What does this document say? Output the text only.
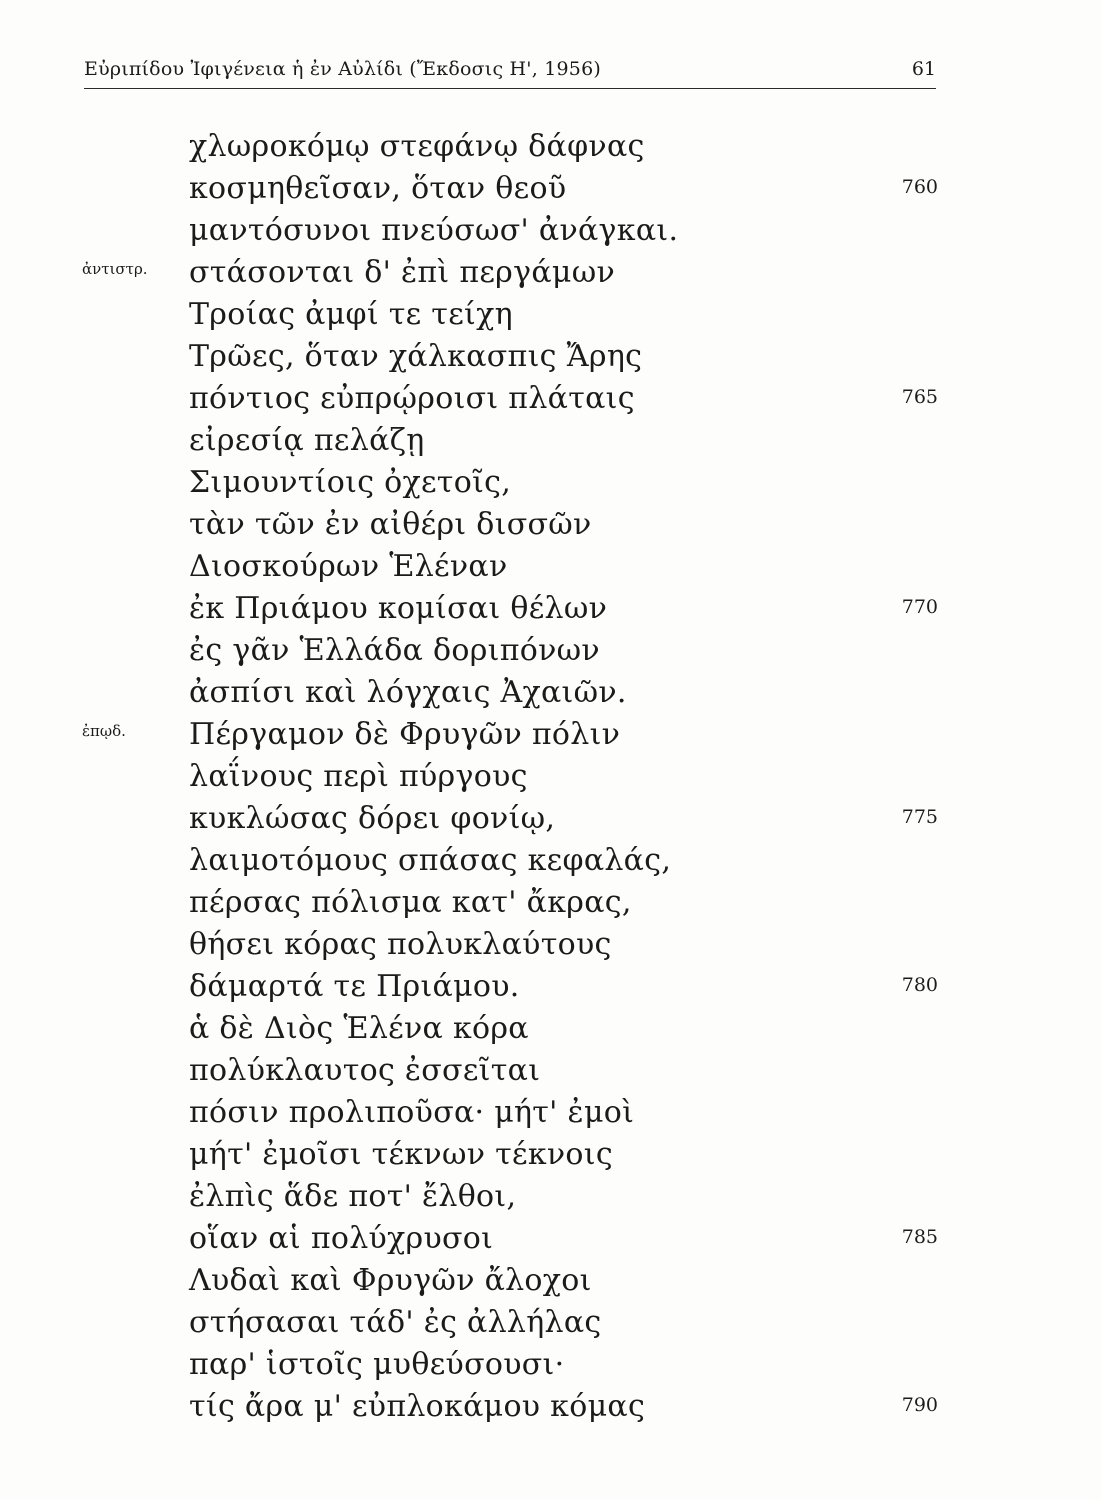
Εὐριπίδου Ἰφιγένεια ἡ ἐν Αὐλίδι (Ἔκδοσις Η', 1956)	61
χλωροκόμῳ στεφάνῳ δάφνας
κοσμηθεῖσαν, ὅταν θεοῦ	760
μαντόσυνοι πνεύσωσ' ἀνάγκαι.
στάσονται δ' ἐπὶ περγάμων
ἀντιστρ.
Τροίας ἀμφί τε τείχη
Τρῶες, ὅταν χάλκασπις Ἄρης
πόντιος εὐπρῴροισι πλάταις	765
εἰρεσίᾳ πελάζῃ
Σιμουντίοις ὀχετοῖς,
τὰν τῶν ἐν αἰθέρι δισσῶν
Διοσκούρων Ἑλέναν
ἐκ Πριάμου κομίσαι θέλων	770
ἐς γᾶν Ἑλλάδα δοριπόνων
ἀσπίσι καὶ λόγχαις Ἀχαιῶν.
Πέργαμον δὲ Φρυγῶν πόλιν
ἐπῳδ.
λαΐνους περὶ πύργους
κυκλώσας δόρει φονίῳ,	775
λαιμοτόμους σπάσας κεφαλάς,
πέρσας πόλισμα κατ' ἄκρας,
θήσει κόρας πολυκλαύτους
δάμαρτά τε Πριάμου.	780
ἁ δὲ Διὸς Ἑλένα κόρα
πολύκλαυτος ἐσσεῖται
πόσιν προλιποῦσα· μήτ' ἐμοὶ
μήτ' ἐμοῖσι τέκνων τέκνοις
ἐλπὶς ἅδε ποτ' ἔλθοι,
οἵαν αἱ πολύχρυσοι	785
Λυδαὶ καὶ Φρυγῶν ἄλοχοι
στήσασαι τάδ' ἐς ἀλλήλας
παρ' ἱστοῖς μυθεύσουσι·
τίς ἄρα μ' εὐπλοκάμου κόμας	790
